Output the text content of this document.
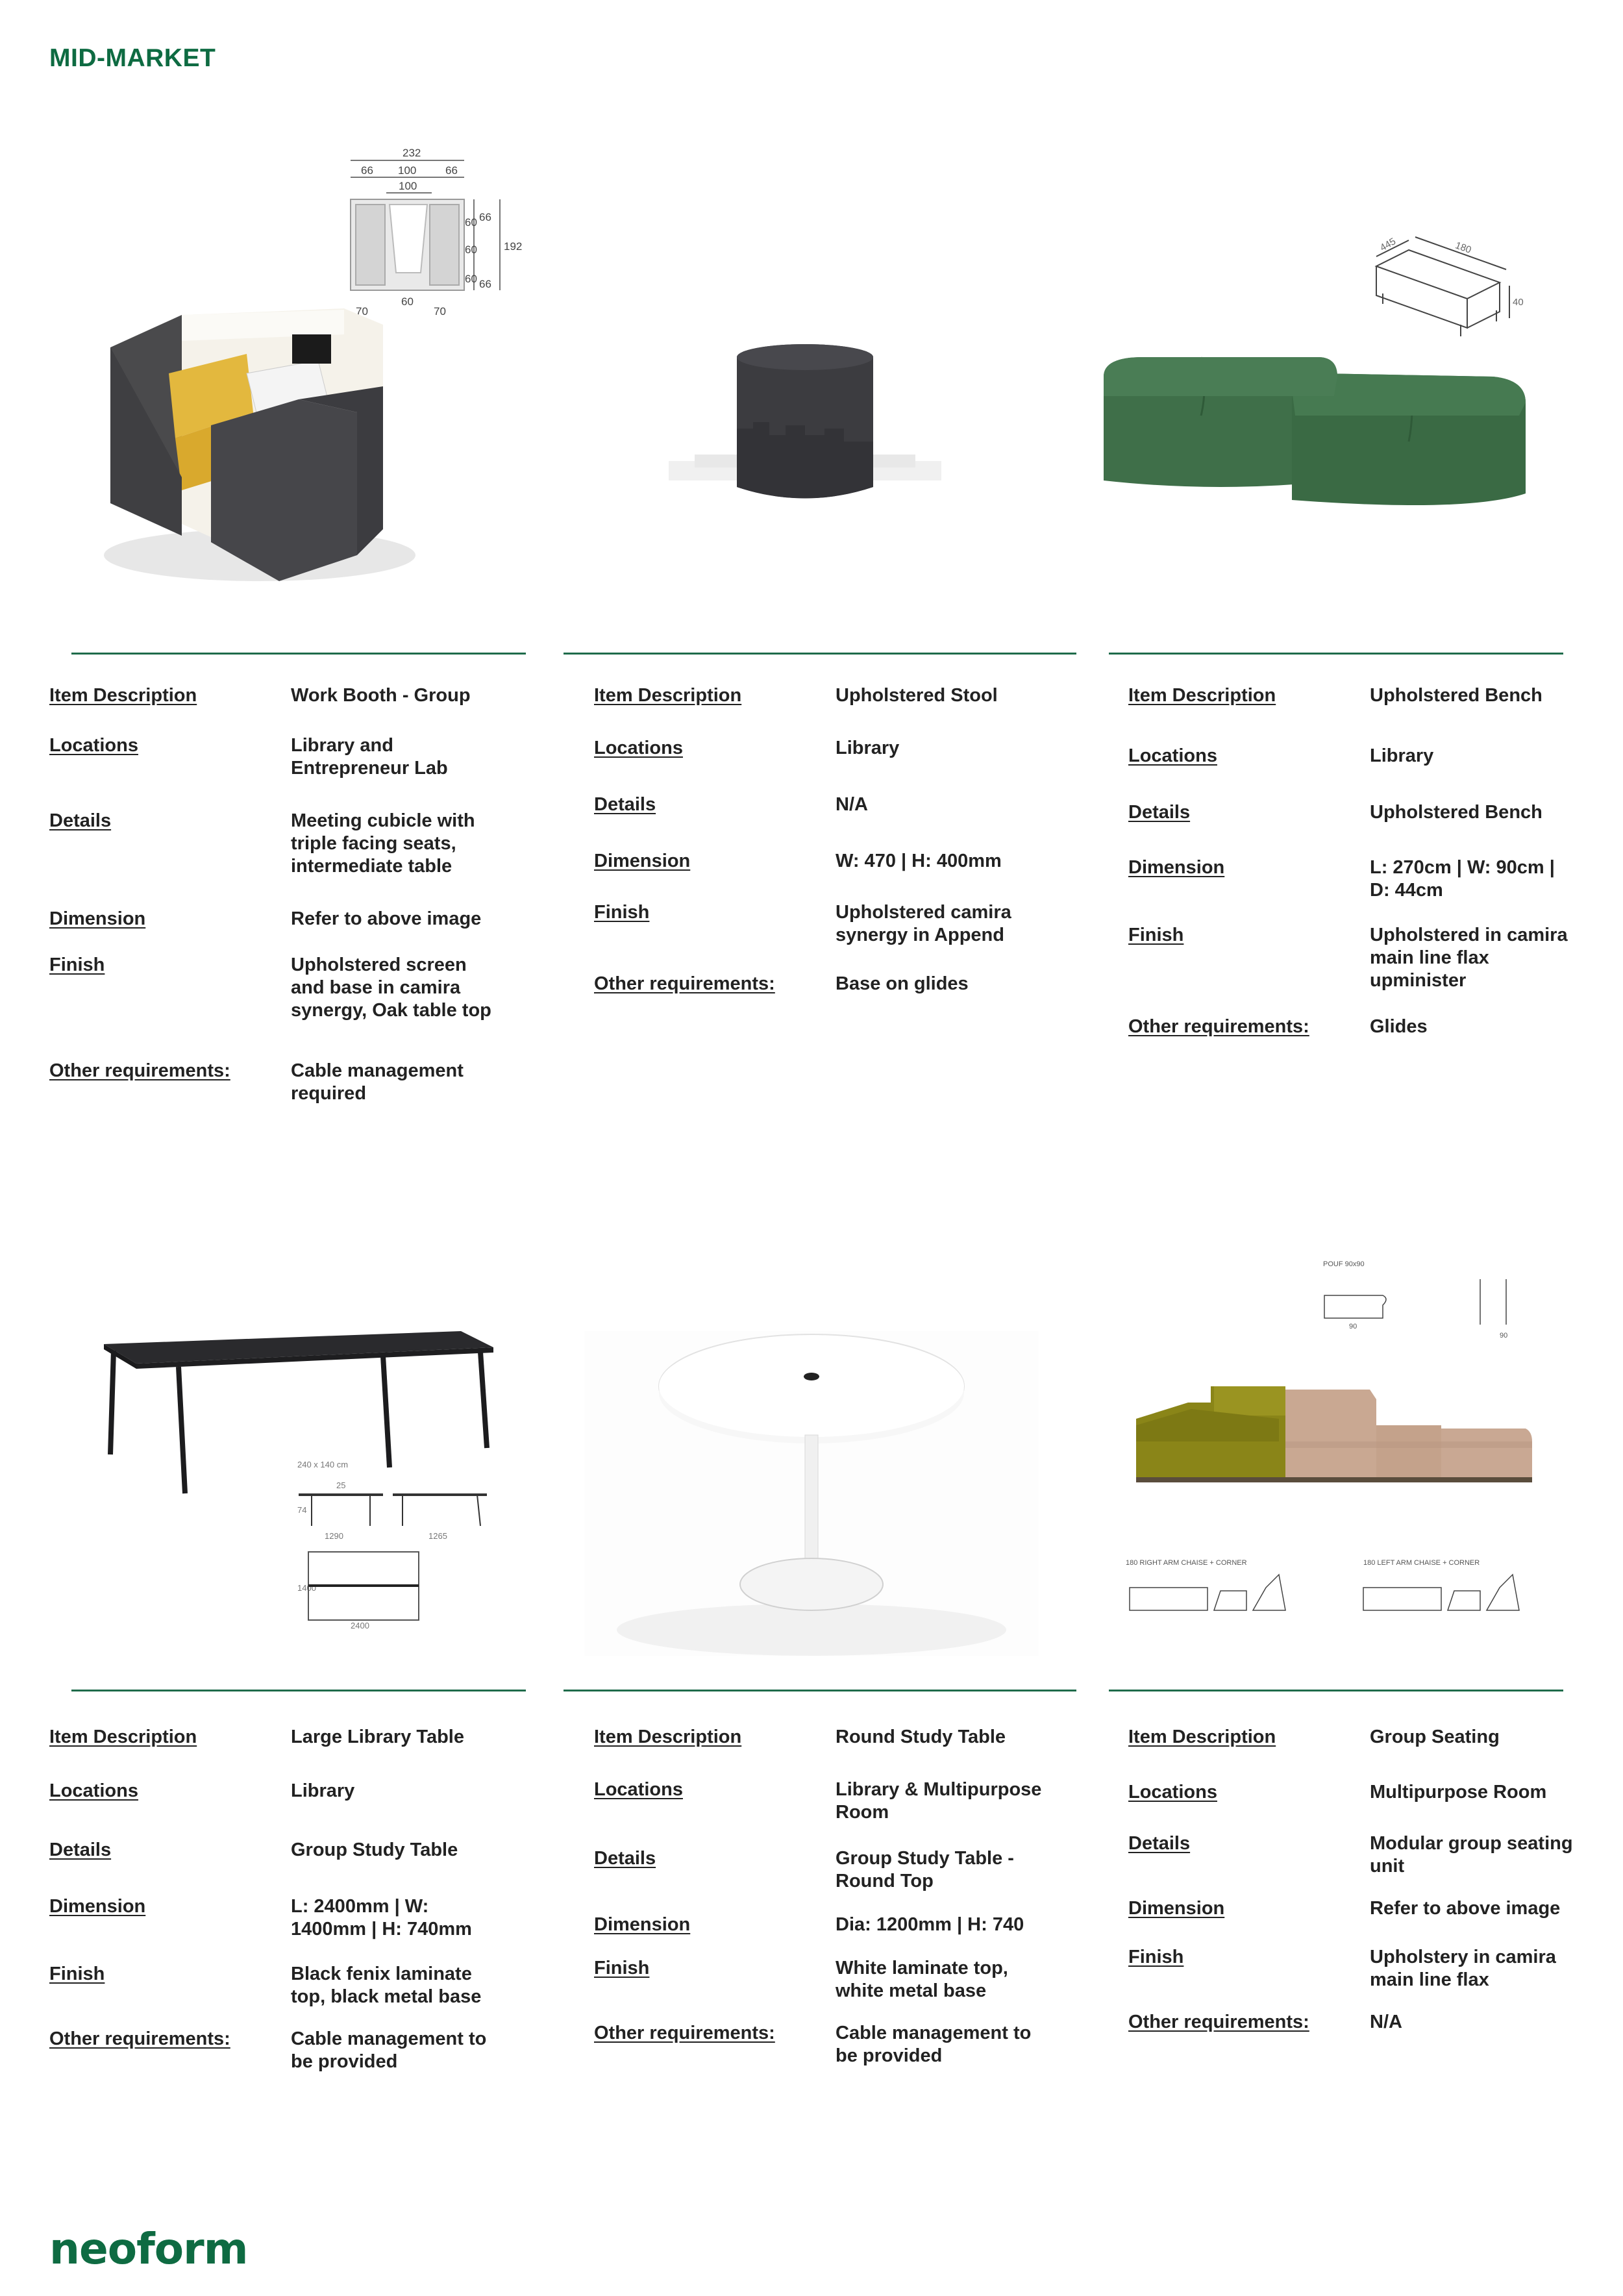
MID-MARKET
232
66 100	66
100
66
60
60
60 66
192
70
60
70
445	180
40
Item Description	Work Booth - Group
Locations	Library and Entrepreneur Lab
Details	Meeting cubicle with triple facing seats, intermediate table
Dimension	Refer to above image
Finish	Upholstered screen and base in camira synergy, Oak table top
Other requirements:	Cable management required
Item Description	Upholstered Stool
Locations	Library
Details	N/A
Dimension	W: 470 | H: 400mm
Finish	Upholstered camira synergy in Append
Other requirements:	Base on glides
Item Description	Upholstered Bench
Locations	Library
Details	Upholstered Bench
Dimension	L: 270cm | W: 90cm | D: 44cm
Finish	Upholstered in camira main line flax upminister
Other requirements:	Glides
240 x 140 cm
25
74
1290	1265
1400
2400
POUF 90x90
90
90
180 RIGHT ARM CHAISE + CORNER	180 LEFT ARM CHAISE + CORNER
Item Description	Large Library Table
Locations	Library
Details	Group Study Table
Dimension	L: 2400mm | W: 1400mm | H: 740mm
Finish	Black fenix laminate top, black metal base
Other requirements:	Cable management to be provided
Item Description	Round Study Table
Locations	Library & Multipurpose Room
Details	Group Study Table - Round Top
Dimension	Dia: 1200mm | H: 740
Finish	White laminate top, white metal base
Other requirements:	Cable management to be provided
Item Description	Group Seating
Locations	Multipurpose Room
Details	Modular group seating unit
Dimension	Refer to above image
Finish	Upholstery in camira main line flax
Other requirements:	N/A
neoform
